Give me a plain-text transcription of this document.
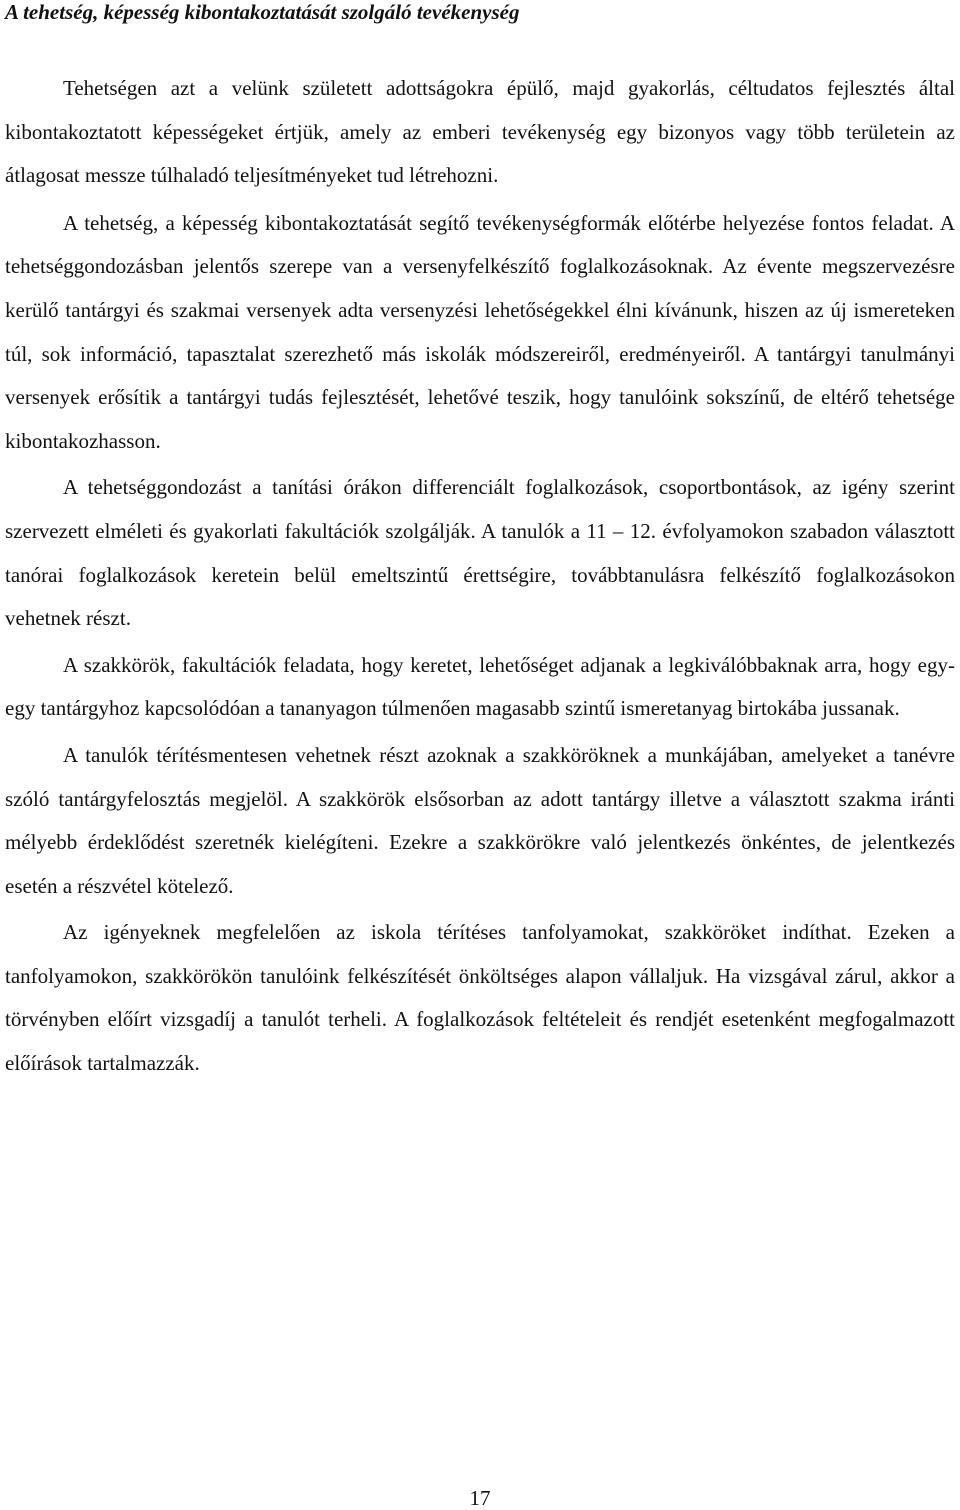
A tehetség, képesség kibontakoztatását szolgáló tevékenység

Tehetségen azt a velünk született adottságokra épülő, majd gyakorlás, céltudatos fejlesztés által kibontakoztatott képességeket értjük, amely az emberi tevékenység egy bizonyos vagy több területein az átlagosat messze túlhaladó teljesítményeket tud létrehozni.

A tehetség, a képesség kibontakoztatását segítő tevékenységformák előtérbe helyezése fontos feladat. A tehetséggondozásban jelentős szerepe van a versenyfelkészítő foglalkozásoknak. Az évente megszervezésre kerülő tantárgyi és szakmai versenyek adta versenyzési lehetőségekkel élni kívánunk, hiszen az új ismereteken túl, sok információ, tapasztalat szerezhető más iskolák módszereiről, eredményeiről. A tantárgyi tanulmányi versenyek erősítik a tantárgyi tudás fejlesztését, lehetővé teszik, hogy tanulóink sokszínű, de eltérő tehetsége kibontakozhasson.

A tehetséggondozást a tanítási órákon differenciált foglalkozások, csoportbontások, az igény szerint szervezett elméleti és gyakorlati fakultációk szolgálják. A tanulók a 11 – 12. évfolyamokon szabadon választott tanórai foglalkozások keretein belül emeltszintű érettségire, továbbtanulásra felkészítő foglalkozásokon vehetnek részt.

A szakkörök, fakultációk feladata, hogy keretet, lehetőséget adjanak a legkiválóbbaknak arra, hogy egy-egy tantárgyhoz kapcsolódóan a tananyagon túlmenően magasabb szintű ismeretanyag birtokába jussanak.

A tanulók térítésmentesen vehetnek részt azoknak a szakköröknek a munkájában, amelyeket a tanévre szóló tantárgyfelosztás megjelöl. A szakkörök elsősorban az adott tantárgy illetve a választott szakma iránti mélyebb érdeklődést szeretnék kielégíteni. Ezekre a szakkörökre való jelentkezés önkéntes, de jelentkezés esetén a részvétel kötelező.

Az igényeknek megfelelően az iskola térítéses tanfolyamokat, szakköröket indíthat. Ezeken a tanfolyamokon, szakkörökön tanulóink felkészítését önköltséges alapon vállaljuk. Ha vizsgával zárul, akkor a törvényben előírt vizsgadíj a tanulót terheli. A foglalkozások feltételeit és rendjét esetenként megfogalmazott előírások tartalmazzák.

17
